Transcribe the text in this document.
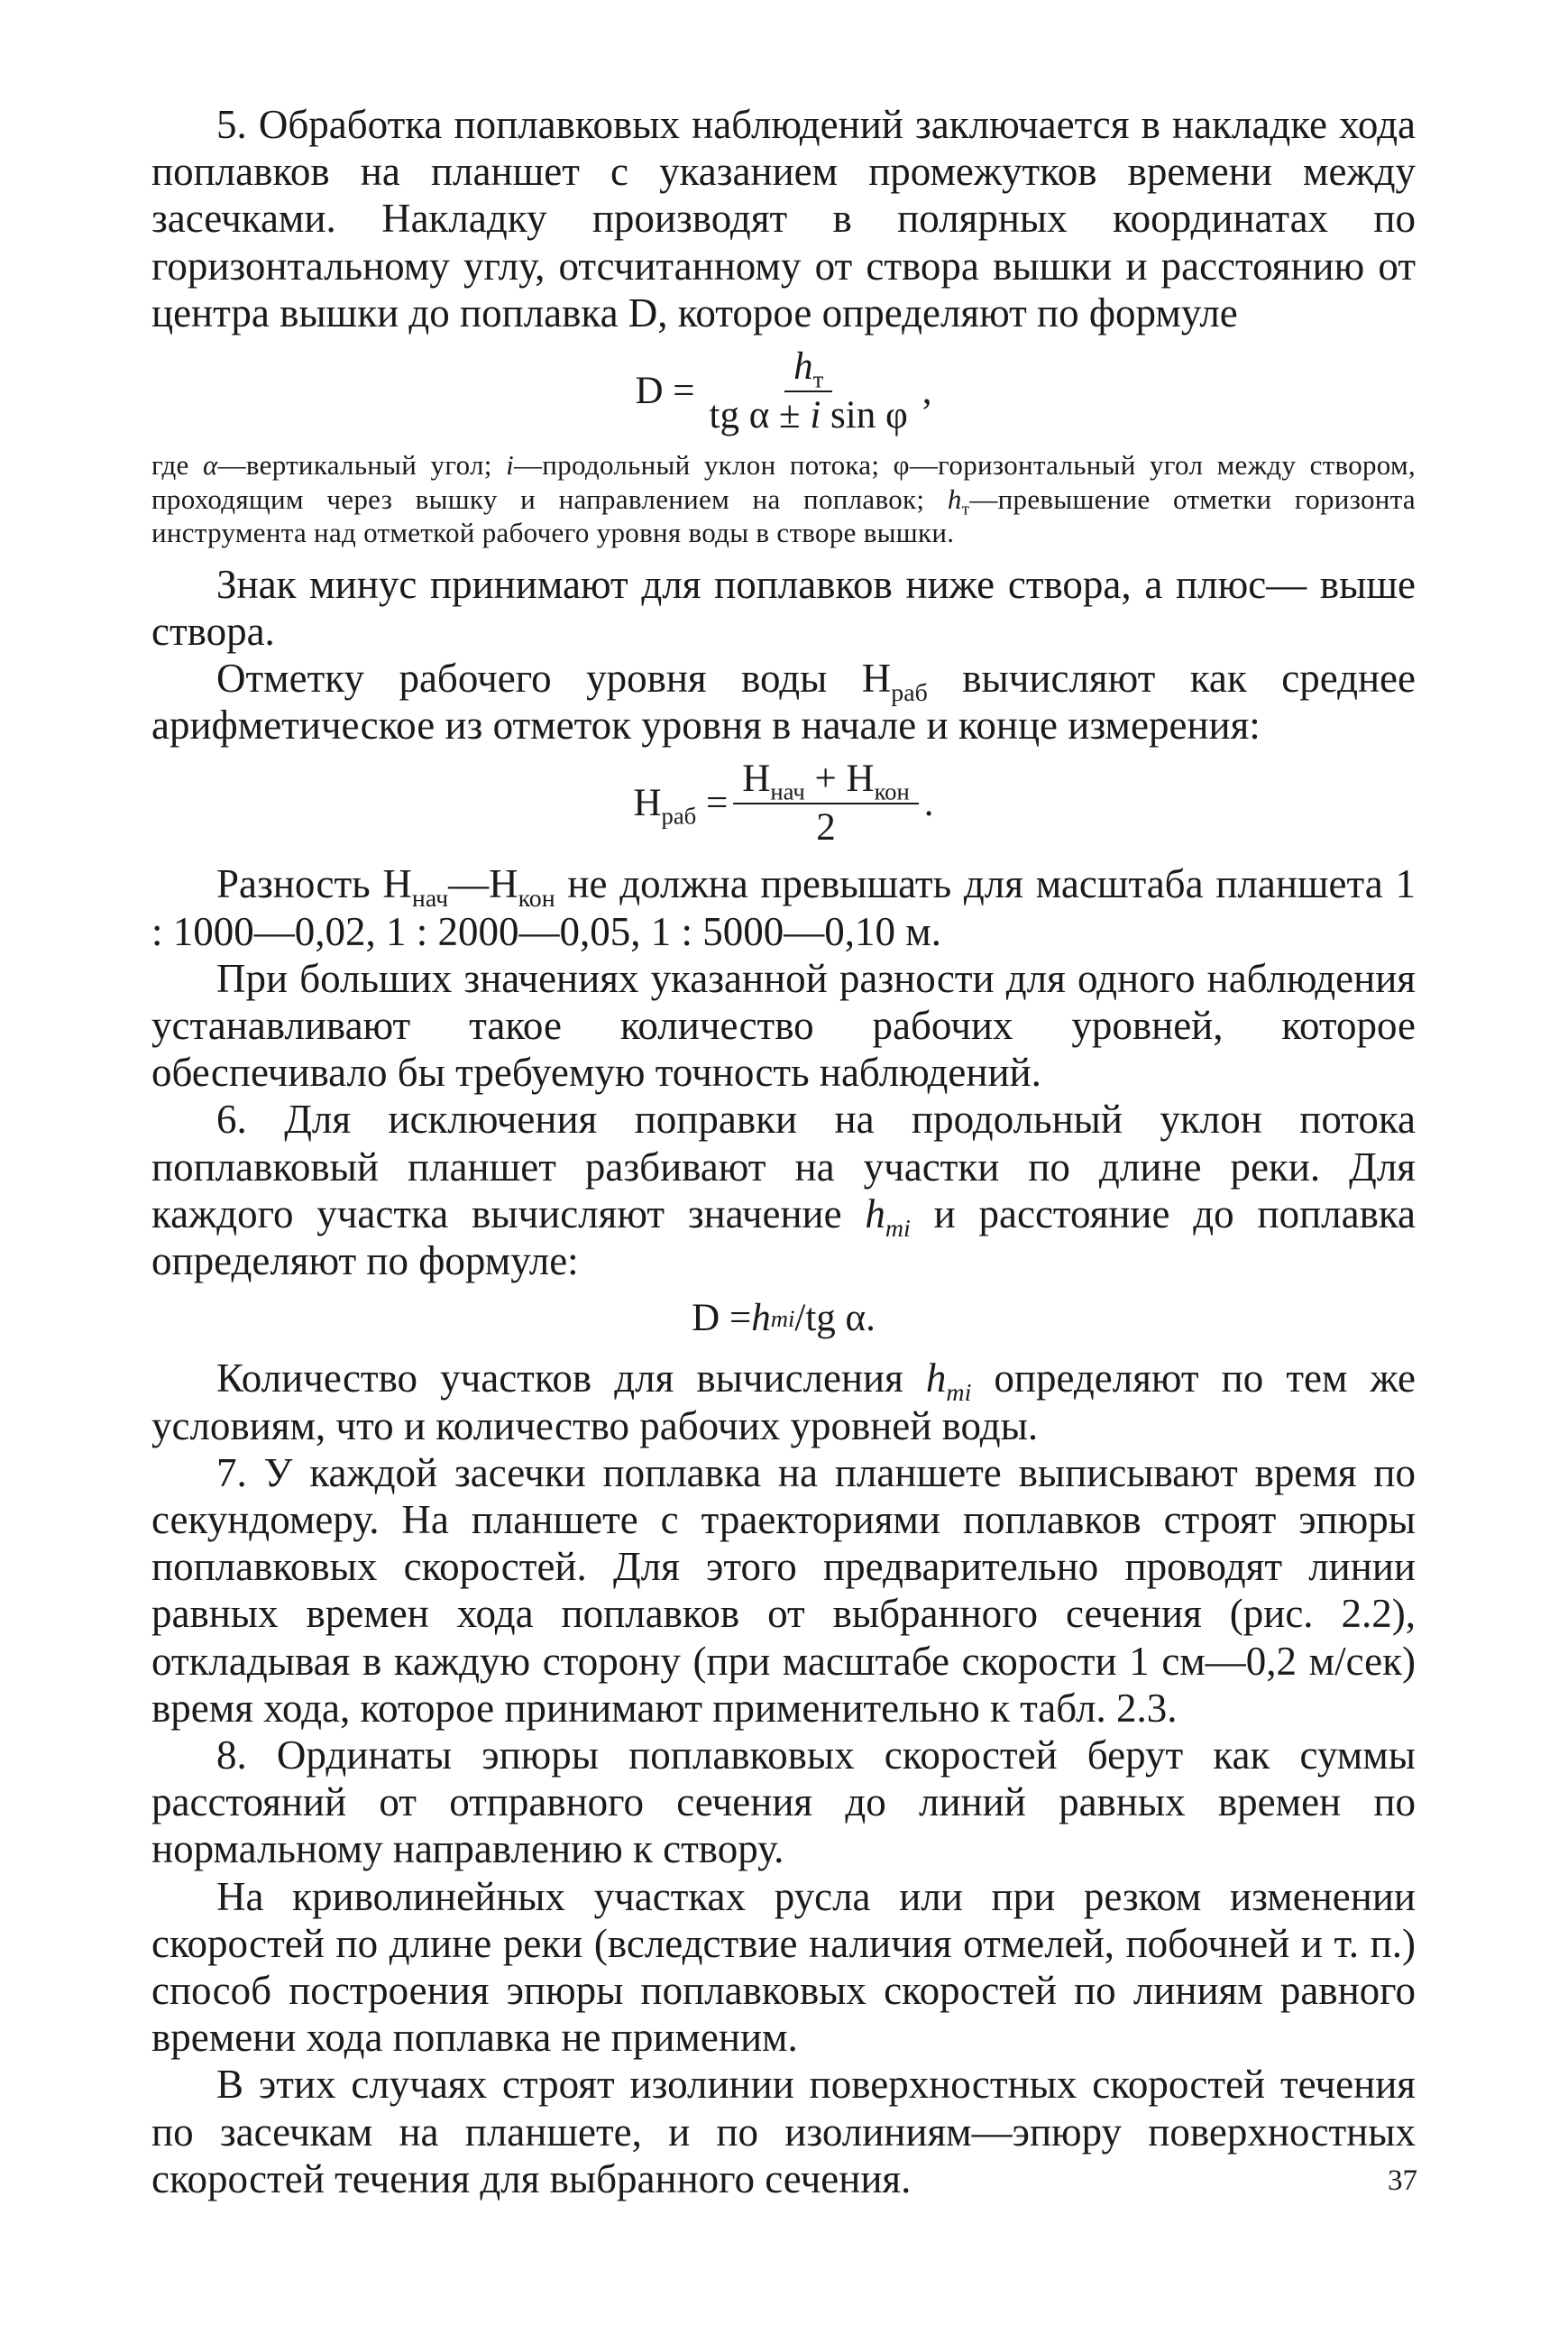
5. Обработка поплавковых наблюдений заключается в накладке хода поплавков на планшет с указанием промежутков времени между засечками. Накладку производят в полярных координатах по горизонтальному углу, отсчитанному от створа вышки и расстоянию от центра вышки до поплавка D, которое определяют по формуле

$D = \frac{h_т}{\text{tg α ± i sin φ}}$ ,

где α—вертикальный угол; i—продольный уклон потока; φ—горизонтальный угол между створом, проходящим через вышку и направлением на поплавок; $h_т—превышение$ отметки горизонта инструмента над отметкой рабочего уровня воды в створе вышки.

Знак минус принимают для поплавков ниже створа, а плюс— выше створа.

Отметку рабочего уровня воды $H_{раб}$ вычисляют как среднее арифметическое из отметок уровня в начале и конце измерения:

$H_{раб} = \frac{H_{нач} + H_{кон}}{2}$ .

Разность $H_{нач}—H_{кон}$ не должна превышать для масштаба планшета 1 : 1000—0,02, 1 : 2000—0,05, 1 : 5000—0,10 м.

При больших значениях указанной разности для одного наблюдения устанавливают такое количество рабочих уровней, которое обеспечивало бы требуемую точность наблюдений.

6. Для исключения поправки на продольный уклон потока поплавковый планшет разбивают на участки по длине реки. Для каждого участка вычисляют значение $h_{тi}$ и расстояние до поплавка определяют по формуле:

D = h тi /tg α.

Количество участков для вычисления $h_{тi}$ определяют по тем же условиям, что и количество рабочих уровней воды.

7. У каждой засечки поплавка на планшете выписывают время по секундомеру. На планшете с траекториями поплавков строят эпюры поплавковых скоростей. Для этого предварительно проводят линии равных времен хода поплавков от выбранного сечения (рис. 2.2), откладывая в каждую сторону (при масштабе скорости 1 см—0,2 м/сек) время хода, которое принимают применительно к табл. 2.3.

8. Ординаты эпюры поплавковых скоростей берут как суммы расстояний от отправного сечения до линий равных времен по нормальному направлению к створу.

На криволинейных участках русла или при резком изменении скоростей по длине реки (вследствие наличия отмелей, побочней и т. п.) способ построения эпюры поплавковых скоростей по линиям равного времени хода поплавка не применим.

В этих случаях строят изолинии поверхностных скоростей течения по засечкам на планшете, и по изолиниям—эпюру поверхностных скоростей течения для выбранного сечения.	37
